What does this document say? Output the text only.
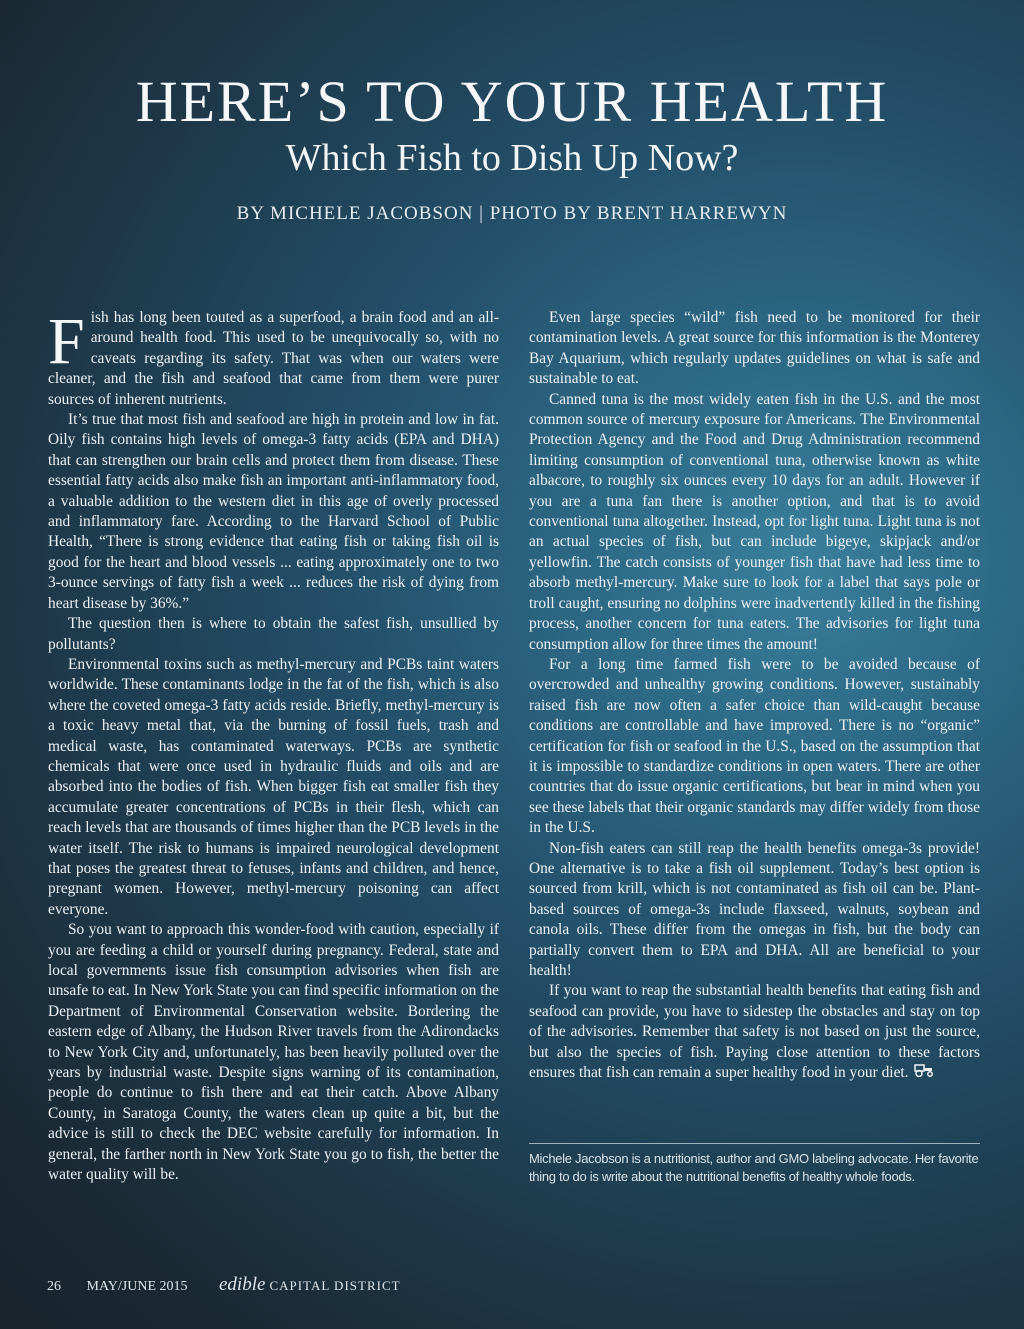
HERE’S TO YOUR HEALTH
Which Fish to Dish Up Now?
BY MICHELE JACOBSON | PHOTO BY BRENT HARREWYN

Fish has long been touted as a superfood, a brain food and an all-around health food. This used to be unequivocally so, with no caveats regarding its safety. That was when our waters were cleaner, and the fish and seafood that came from them were purer sources of inherent nutrients.

It’s true that most fish and seafood are high in protein and low in fat. Oily fish contains high levels of omega-3 fatty acids (EPA and DHA) that can strengthen our brain cells and protect them from disease. These essential fatty acids also make fish an important anti-inflammatory food, a valuable addition to the western diet in this age of overly processed and inflammatory fare. According to the Harvard School of Public Health, “There is strong evidence that eating fish or taking fish oil is good for the heart and blood vessels ... eating approximately one to two 3-ounce servings of fatty fish a week ... reduces the risk of dying from heart disease by 36%.”

The question then is where to obtain the safest fish, unsullied by pollutants?

Environmental toxins such as methyl-mercury and PCBs taint waters worldwide. These contaminants lodge in the fat of the fish, which is also where the coveted omega-3 fatty acids reside. Briefly, methyl-mercury is a toxic heavy metal that, via the burning of fossil fuels, trash and medical waste, has contaminated waterways. PCBs are synthetic chemicals that were once used in hydraulic fluids and oils and are absorbed into the bodies of fish. When bigger fish eat smaller fish they accumulate greater concentrations of PCBs in their flesh, which can reach levels that are thousands of times higher than the PCB levels in the water itself. The risk to humans is impaired neurological development that poses the greatest threat to fetuses, infants and children, and hence, pregnant women. However, methyl-mercury poisoning can affect everyone.

So you want to approach this wonder-food with caution, especially if you are feeding a child or yourself during pregnancy. Federal, state and local governments issue fish consumption advisories when fish are unsafe to eat. In New York State you can find specific information on the Department of Environmental Conservation website. Bordering the eastern edge of Albany, the Hudson River travels from the Adirondacks to New York City and, unfortunately, has been heavily polluted over the years by industrial waste. Despite signs warning of its contamination, people do continue to fish there and eat their catch. Above Albany County, in Saratoga County, the waters clean up quite a bit, but the advice is still to check the DEC website carefully for information. In general, the farther north in New York State you go to fish, the better the water quality will be.

Even large species “wild” fish need to be monitored for their contamination levels. A great source for this information is the Monterey Bay Aquarium, which regularly updates guidelines on what is safe and sustainable to eat.

Canned tuna is the most widely eaten fish in the U.S. and the most common source of mercury exposure for Americans. The Environmental Protection Agency and the Food and Drug Administration recommend limiting consumption of conventional tuna, otherwise known as white albacore, to roughly six ounces every 10 days for an adult. However if you are a tuna fan there is another option, and that is to avoid conventional tuna altogether. Instead, opt for light tuna. Light tuna is not an actual species of fish, but can include bigeye, skipjack and/or yellowfin. The catch consists of younger fish that have had less time to absorb methyl-mercury. Make sure to look for a label that says pole or troll caught, ensuring no dolphins were inadvertently killed in the fishing process, another concern for tuna eaters. The advisories for light tuna consumption allow for three times the amount!

For a long time farmed fish were to be avoided because of overcrowded and unhealthy growing conditions. However, sustainably raised fish are now often a safer choice than wild-caught because conditions are controllable and have improved. There is no “organic” certification for fish or seafood in the U.S., based on the assumption that it is impossible to standardize conditions in open waters. There are other countries that do issue organic certifications, but bear in mind when you see these labels that their organic standards may differ widely from those in the U.S.

Non-fish eaters can still reap the health benefits omega-3s provide! One alternative is to take a fish oil supplement. Today’s best option is sourced from krill, which is not contaminated as fish oil can be. Plant-based sources of omega-3s include flaxseed, walnuts, soybean and canola oils. These differ from the omegas in fish, but the body can partially convert them to EPA and DHA. All are beneficial to your health!

If you want to reap the substantial health benefits that eating fish and seafood can provide, you have to sidestep the obstacles and stay on top of the advisories. Remember that safety is not based on just the source, but also the species of fish. Paying close attention to these factors ensures that fish can remain a super healthy food in your diet.

Michele Jacobson is a nutritionist, author and GMO labeling advocate. Her favorite thing to do is write about the nutritional benefits of healthy whole foods.
26 MAY/JUNE 2015 edible CAPITAL DISTRICT
